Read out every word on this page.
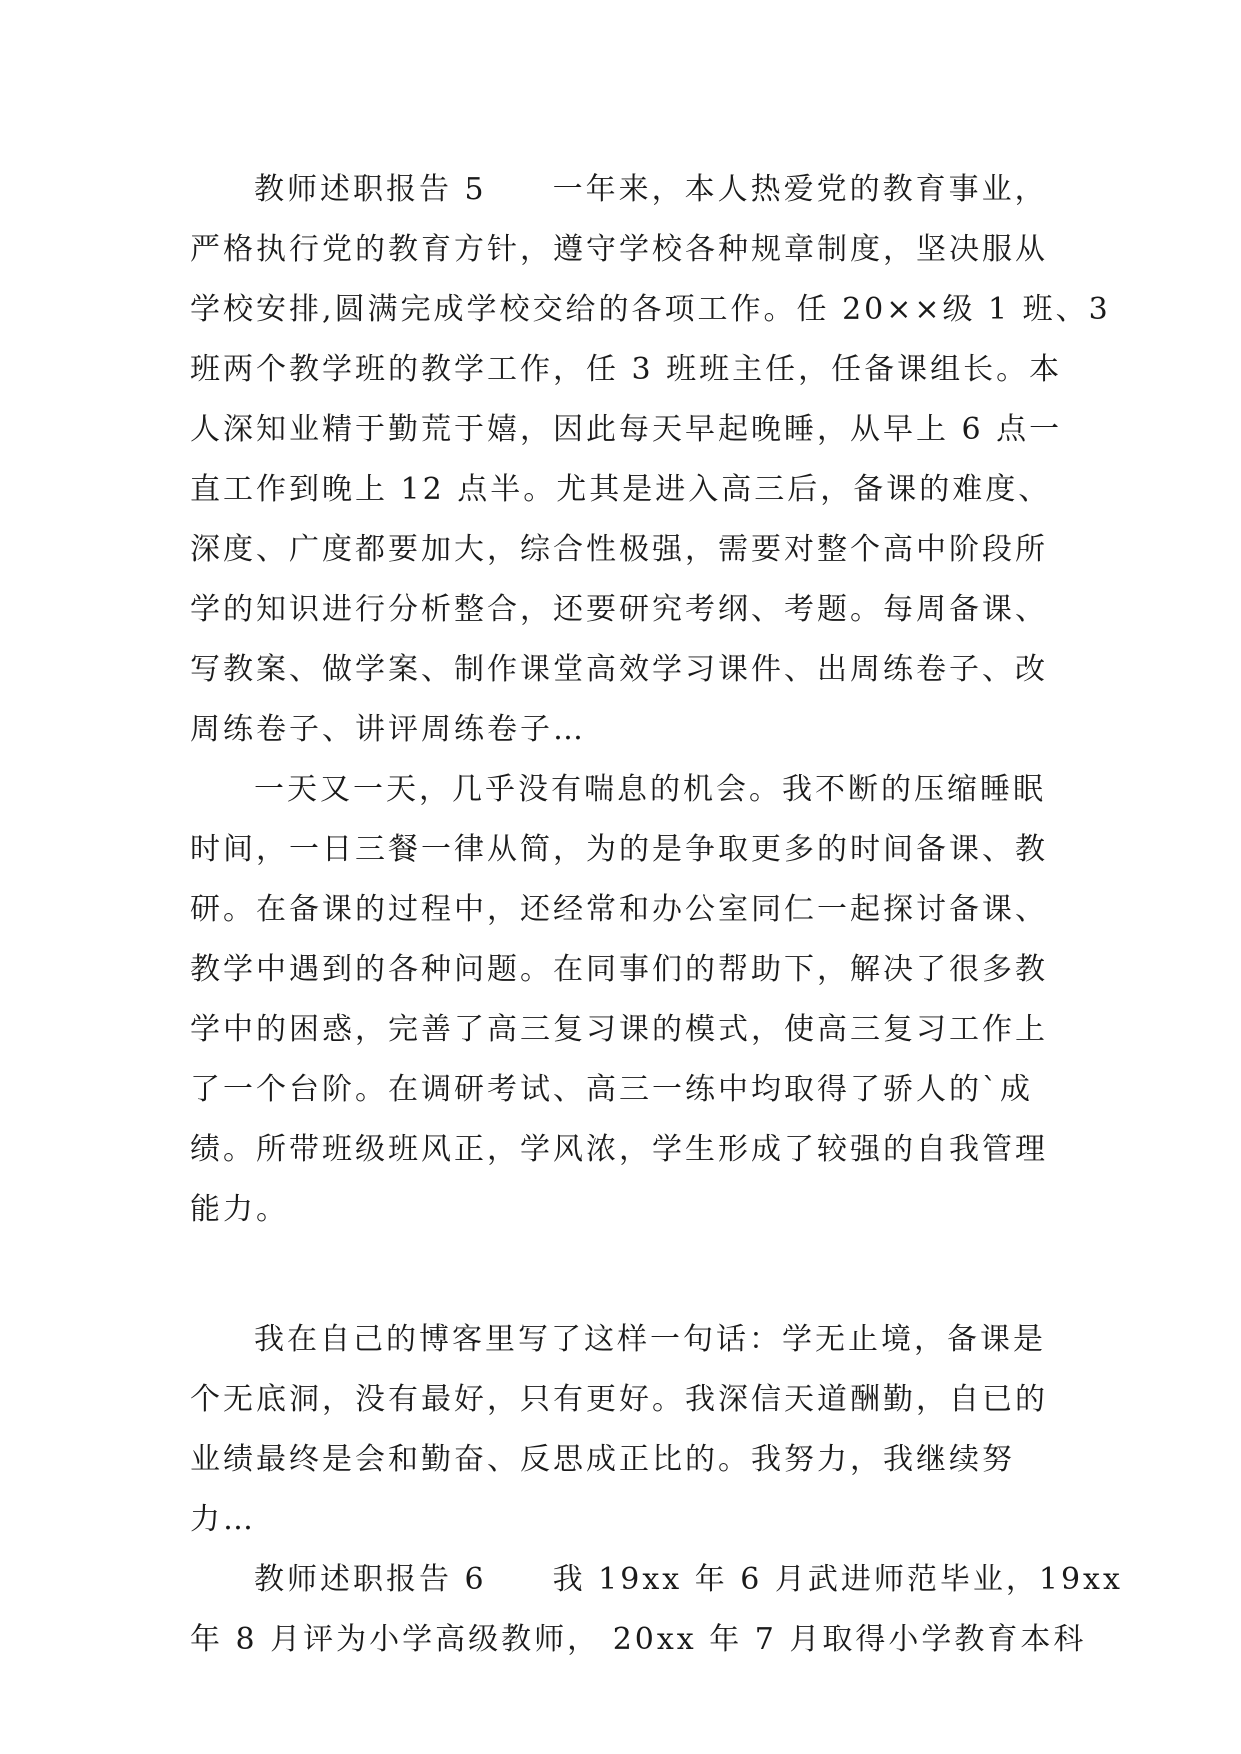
教师述职报告 5　　一年来，本人热爱党的教育事业，
严格执行党的教育方针，遵守学校各种规章制度，坚决服从
学校安排,圆满完成学校交给的各项工作。任 20××级 1 班、3
班两个教学班的教学工作，任 3 班班主任，任备课组长。本
人深知业精于勤荒于嬉，因此每天早起晚睡，从早上 6 点一
直工作到晚上 12 点半。尤其是进入高三后，备课的难度、
深度、广度都要加大，综合性极强，需要对整个高中阶段所
学的知识进行分析整合，还要研究考纲、考题。每周备课、
写教案、做学案、制作课堂高效学习课件、出周练卷子、改
周练卷子、讲评周练卷子…
一天又一天，几乎没有喘息的机会。我不断的压缩睡眠
时间，一日三餐一律从简，为的是争取更多的时间备课、教
研。在备课的过程中，还经常和办公室同仁一起探讨备课、
教学中遇到的各种问题。在同事们的帮助下，解决了很多教
学中的困惑，完善了高三复习课的模式，使高三复习工作上
了一个台阶。在调研考试、高三一练中均取得了骄人的`成
绩。所带班级班风正，学风浓，学生形成了较强的自我管理
能力。
我在自己的博客里写了这样一句话：学无止境，备课是
个无底洞，没有最好，只有更好。我深信天道酬勤，自已的
业绩最终是会和勤奋、反思成正比的。我努力，我继续努
力…
教师述职报告 6　　我 19xx 年 6 月武进师范毕业，19xx
年 8 月评为小学高级教师， 20xx 年 7 月取得小学教育本科
